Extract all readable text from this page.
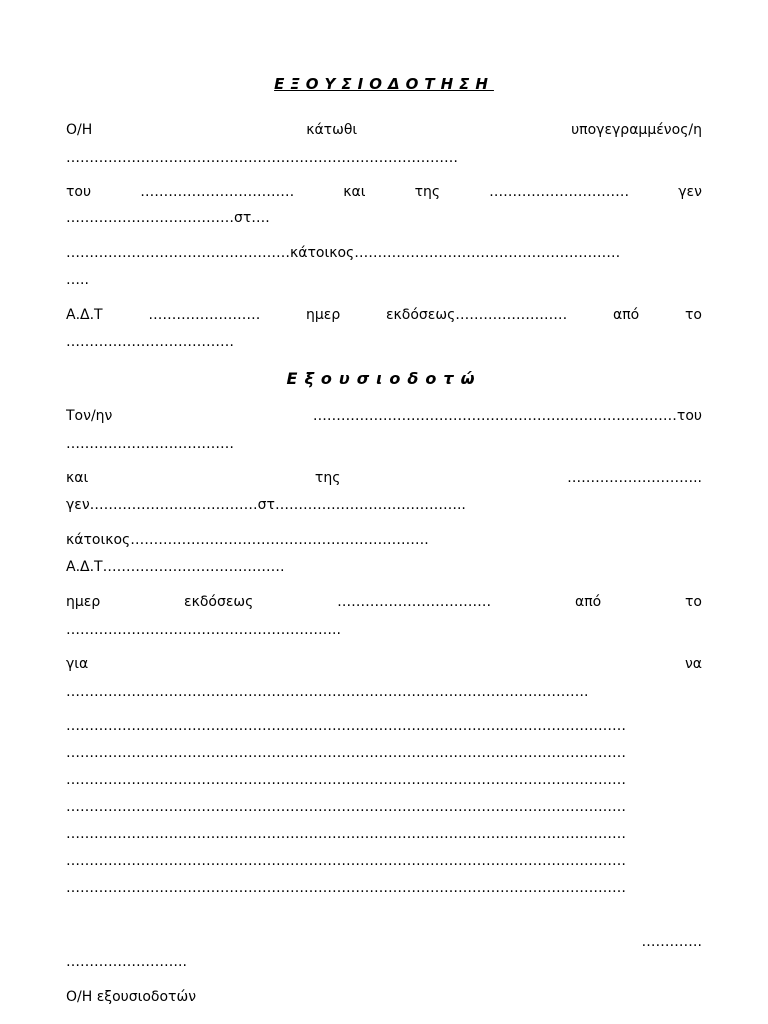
ΕΞΟΥΣΙΟΔΟΤΗΣΗ
Ο/Η	κάτωθι	υπογεγραμμένος/η
…………………………………………………………………………
του	……………………………	και	της	…………………………	γεν
………………………………στ….
…………………………………………κάτοικος…………………………………………………
…..
Α.Δ.Τ	……………………	ημερ	εκδόσεως……………………	από	το
………………………………
Εξουσιοδοτώ
Τον/ην	……………………………………………………………………του
………………………………
και	της	………………………..
γεν………………………………στ…………………………………..
κάτοικος……………………………………………………….
Α.Δ.Τ…………………………………
ημερ	εκδόσεως	……………………………	από	το
…………………………………………………..
για	να
………………………………………………………………………………………………….
…………………………………………………………………………………………………………
…………………………………………………………………………………………………………
…………………………………………………………………………………………………………
…………………………………………………………………………………………………………
…………………………………………………………………………………………………………
…………………………………………………………………………………………………………
…………………………………………………………………………………………………………
………….
……………………..
Ο/Η εξουσιοδοτών
